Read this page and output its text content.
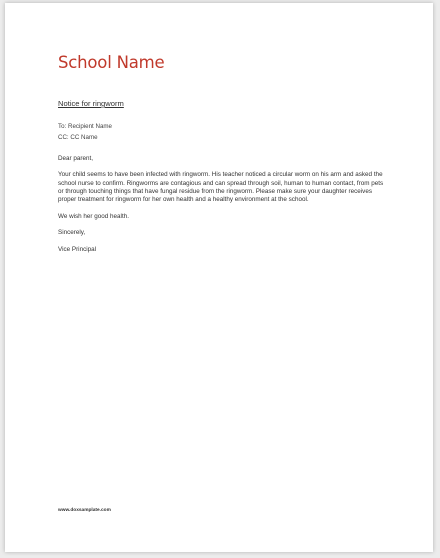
School Name
Notice for ringworm
To: Recipient Name
CC: CC Name

Dear parent,

Your child seems to have been infected with ringworm. His teacher noticed a circular worm on his arm and asked the school nurse to confirm. Ringworms are contagious and can spread through soil, human to human contact, from pets or through touching things that have fungal residue from the ringworm. Please make sure your daughter receives proper treatment for ringworm for her own health and a healthy environment at the school.

We wish her good health.

Sincerely,

Vice Principal

www.doxsamplate.com
